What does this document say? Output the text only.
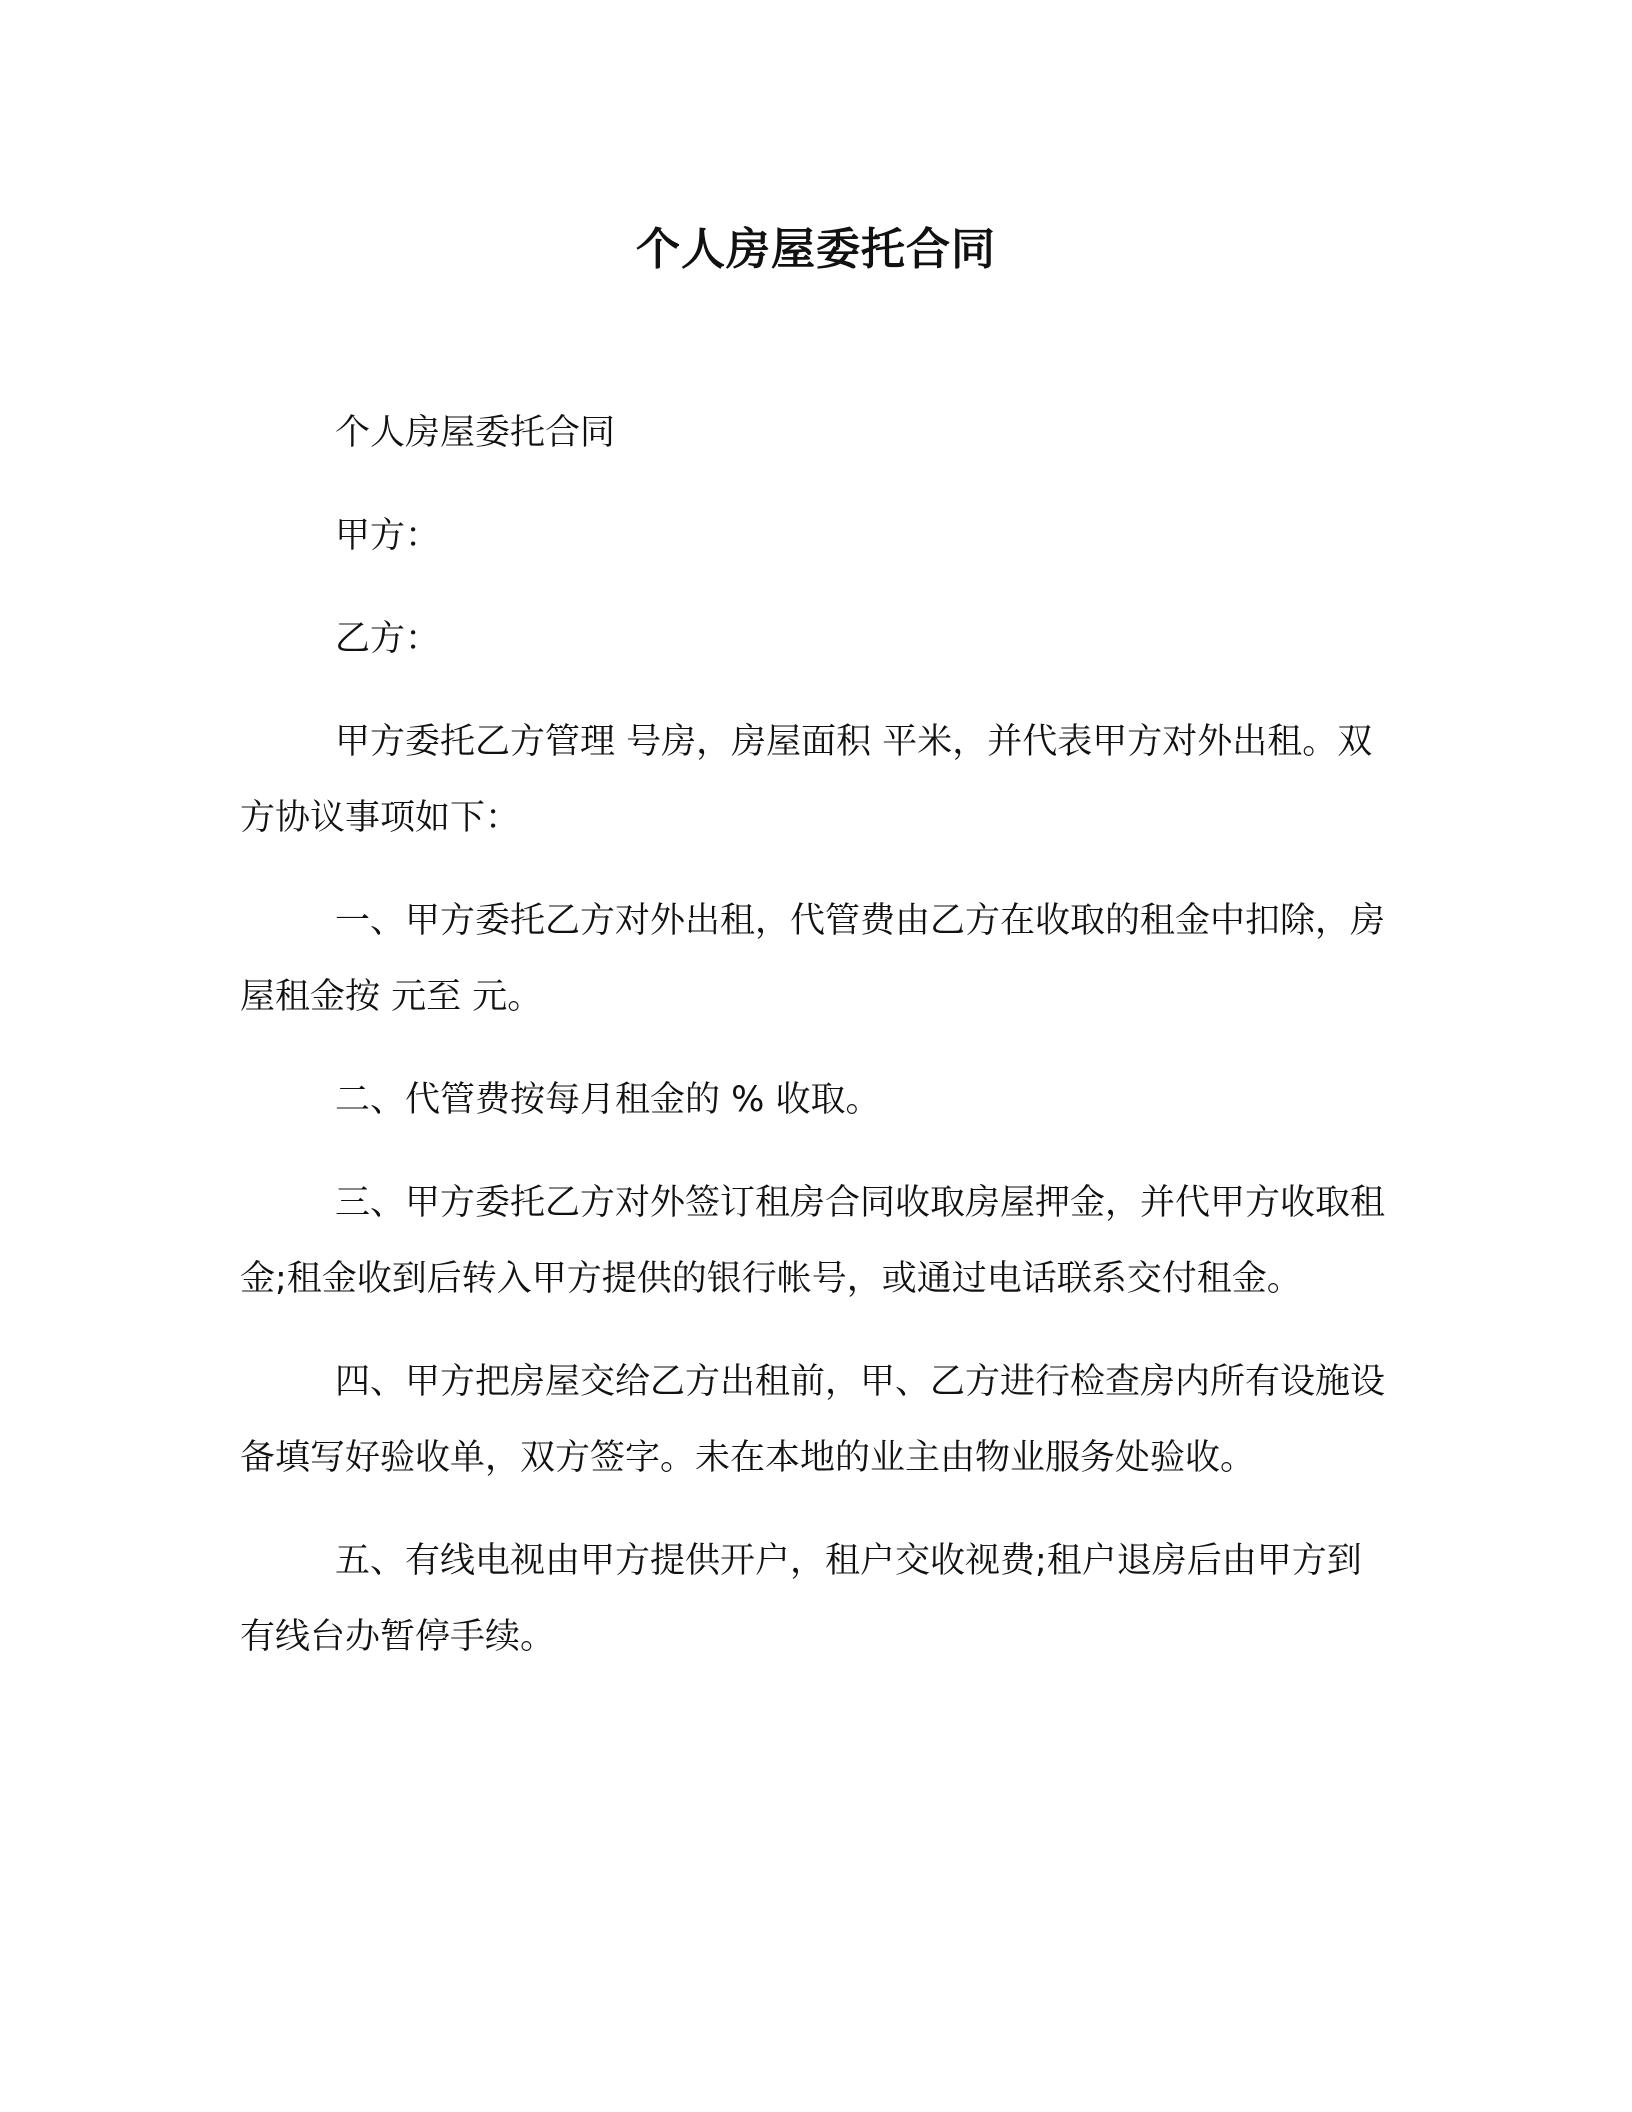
个人房屋委托合同

个人房屋委托合同

甲方：

乙方：

甲方委托乙方管理 号房，房屋面积 平米，并代表甲方对外出租。双方协议事项如下：

一、甲方委托乙方对外出租，代管费由乙方在收取的租金中扣除，房屋租金按 元至 元。

二、代管费按每月租金的 % 收取。

三、甲方委托乙方对外签订租房合同收取房屋押金，并代甲方收取租金;租金收到后转入甲方提供的银行帐号，或通过电话联系交付租金。

四、甲方把房屋交给乙方出租前，甲、乙方进行检查房内所有设施设备填写好验收单，双方签字。未在本地的业主由物业服务处验收。

五、有线电视由甲方提供开户，租户交收视费;租户退房后由甲方到有线台办暂停手续。
